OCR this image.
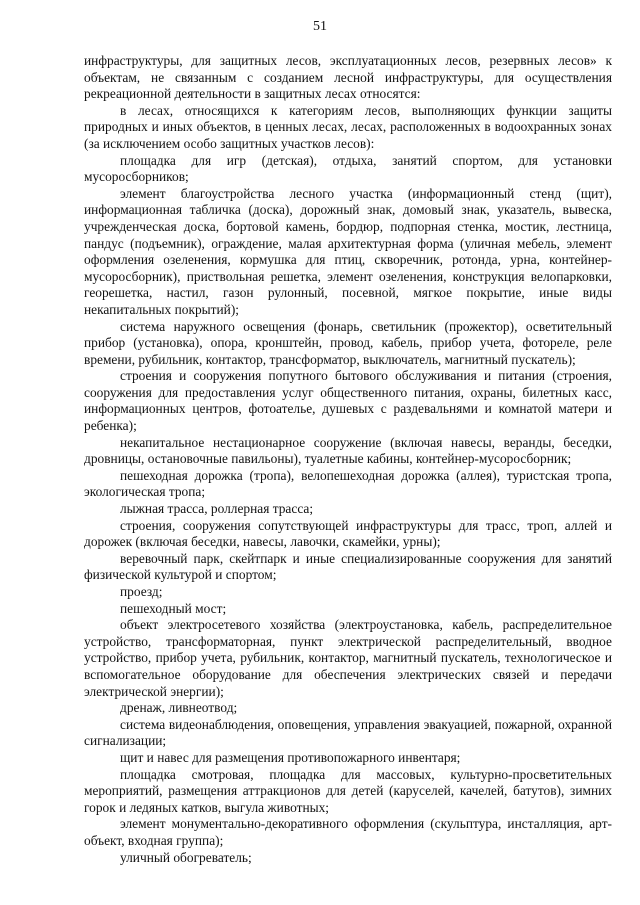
51

инфраструктуры, для защитных лесов, эксплуатационных лесов, резервных лесов» к объектам, не связанным с созданием лесной инфраструктуры, для осуществления рекреационной деятельности в защитных лесах относятся:

в лесах, относящихся к категориям лесов, выполняющих функции защиты природных и иных объектов, в ценных лесах, лесах, расположенных в водоохранных зонах (за исключением особо защитных участков лесов):

площадка для игр (детская), отдыха, занятий спортом, для установки мусоросборников;

элемент благоустройства лесного участка (информационный стенд (щит), информационная табличка (доска), дорожный знак, домовый знак, указатель, вывеска, учрежденческая доска, бортовой камень, бордюр, подпорная стенка, мостик, лестница, пандус (подъемник), ограждение, малая архитектурная форма (уличная мебель, элемент оформления озеленения, кормушка для птиц, скворечник, ротонда, урна, контейнер-мусоросборник), приствольная решетка, элемент озеленения, конструкция велопарковки, георешетка, настил, газон рулонный, посевной, мягкое покрытие, иные виды некапитальных покрытий);

система наружного освещения (фонарь, светильник (прожектор), осветительный прибор (установка), опора, кронштейн, провод, кабель, прибор учета, фотореле, реле времени, рубильник, контактор, трансформатор, выключатель, магнитный пускатель);

строения и сооружения попутного бытового обслуживания и питания (строения, сооружения для предоставления услуг общественного питания, охраны, билетных касс, информационных центров, фотоателье, душевых с раздевальнями и комнатой матери и ребенка);

некапитальное нестационарное сооружение (включая навесы, веранды, беседки, дровницы, остановочные павильоны), туалетные кабины, контейнер-мусоросборник;

пешеходная дорожка (тропа), велопешеходная дорожка (аллея), туристская тропа, экологическая тропа;

лыжная трасса, роллерная трасса;

строения, сооружения сопутствующей инфраструктуры для трасс, троп, аллей и дорожек (включая беседки, навесы, лавочки, скамейки, урны);

веревочный парк, скейтпарк и иные специализированные сооружения для занятий физической культурой и спортом;

проезд;

пешеходный мост;

объект электросетевого хозяйства (электроустановка, кабель, распределительное устройство, трансформаторная, пункт электрической распределительный, вводное устройство, прибор учета, рубильник, контактор, магнитный пускатель, технологическое и вспомогательное оборудование для обеспечения электрических связей и передачи электрической энергии);

дренаж, ливнеотвод;

система видеонаблюдения, оповещения, управления эвакуацией, пожарной, охранной сигнализации;

щит и навес для размещения противопожарного инвентаря;

площадка смотровая, площадка для массовых, культурно-просветительных мероприятий, размещения аттракционов для детей (каруселей, качелей, батутов), зимних горок и ледяных катков, выгула животных;

элемент монументально-декоративного оформления (скульптура, инсталляция, арт-объект, входная группа);

уличный обогреватель;
